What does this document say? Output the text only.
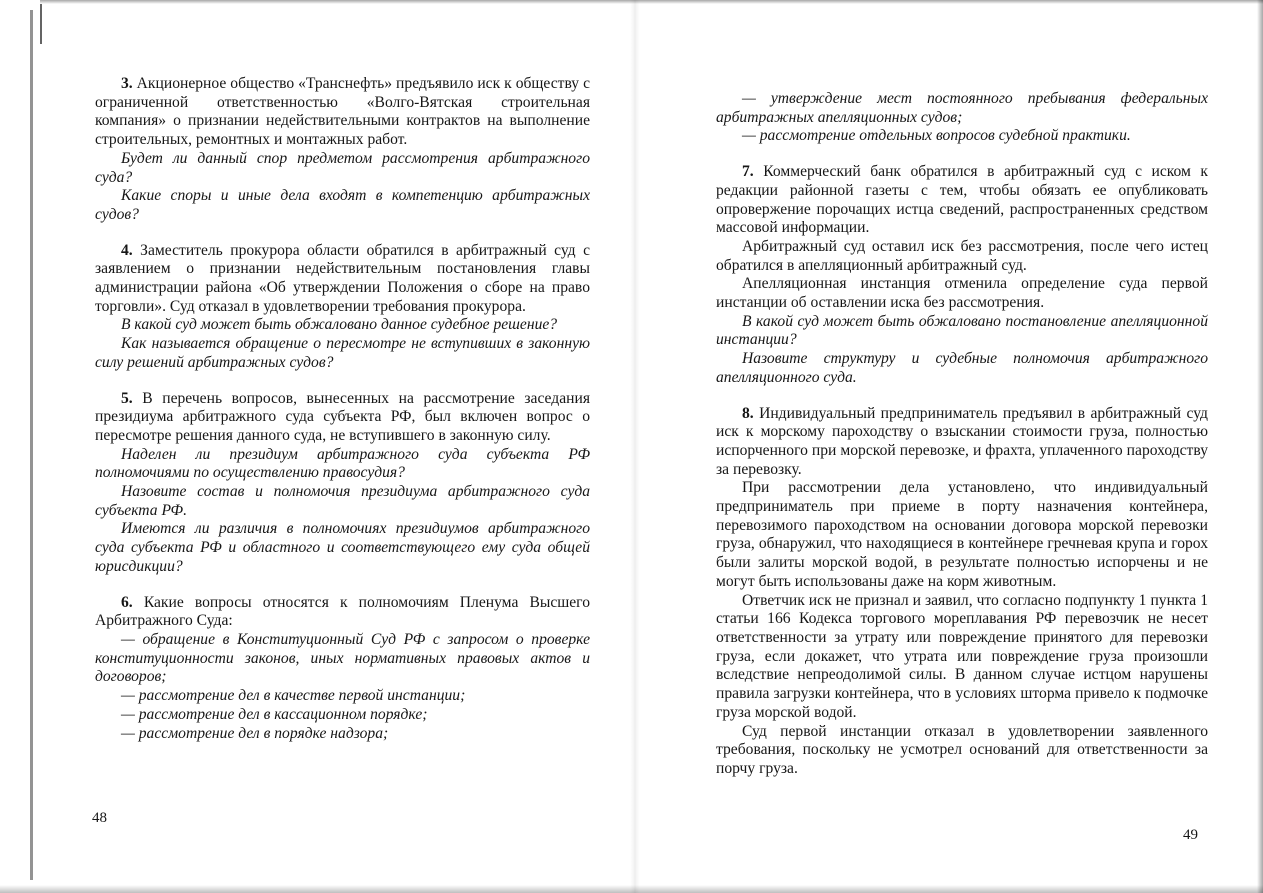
3. Акционерное общество «Транснефть» предъявило иск к обществу с ограниченной ответственностью «Волго-Вятская строительная компания» о признании недействительными контрактов на выполнение строительных, ремонтных и монтажных работ.

Будет ли данный спор предметом рассмотрения арбитражного суда?

Какие споры и иные дела входят в компетенцию арбитражных судов?

4. Заместитель прокурора области обратился в арбитражный суд с заявлением о признании недействительным постановления главы администрации района «Об утверждении Положения о сборе на право торговли». Суд отказал в удовлетворении требования прокурора.

В какой суд может быть обжаловано данное судебное решение?

Как называется обращение о пересмотре не вступивших в законную силу решений арбитражных судов?

5. В перечень вопросов, вынесенных на рассмотрение заседания президиума арбитражного суда субъекта РФ, был включен вопрос о пересмотре решения данного суда, не вступившего в законную силу.

Наделен ли президиум арбитражного суда субъекта РФ полномочиями по осуществлению правосудия?

Назовите состав и полномочия президиума арбитражного суда субъекта РФ.

Имеются ли различия в полномочиях президиумов арбитражного суда субъекта РФ и областного и соответствующего ему суда общей юрисдикции?

6. Какие вопросы относятся к полномочиям Пленума Высшего Арбитражного Суда:

— обращение в Конституционный Суд РФ с запросом о проверке конституционности законов, иных нормативных правовых актов и договоров;

— рассмотрение дел в качестве первой инстанции;

— рассмотрение дел в кассационном порядке;

— рассмотрение дел в порядке надзора;

48

— утверждение мест постоянного пребывания федеральных арбитражных апелляционных судов;

— рассмотрение отдельных вопросов судебной практики.

7. Коммерческий банк обратился в арбитражный суд с иском к редакции районной газеты с тем, чтобы обязать ее опубликовать опровержение порочащих истца сведений, распространенных средством массовой информации.

Арбитражный суд оставил иск без рассмотрения, после чего истец обратился в апелляционный арбитражный суд.

Апелляционная инстанция отменила определение суда первой инстанции об оставлении иска без рассмотрения.

В какой суд может быть обжаловано постановление апелляционной инстанции?

Назовите структуру и судебные полномочия арбитражного апелляционного суда.

8. Индивидуальный предприниматель предъявил в арбитражный суд иск к морскому пароходству о взыскании стоимости груза, полностью испорченного при морской перевозке, и фрахта, уплаченного пароходству за перевозку.

При рассмотрении дела установлено, что индивидуальный предприниматель при приеме в порту назначения контейнера, перевозимого пароходством на основании договора морской перевозки груза, обнаружил, что находящиеся в контейнере гречневая крупа и горох были залиты морской водой, в результате полностью испорчены и не могут быть использованы даже на корм животным.

Ответчик иск не признал и заявил, что согласно подпункту 1 пункта 1 статьи 166 Кодекса торгового мореплавания РФ перевозчик не несет ответственности за утрату или повреждение принятого для перевозки груза, если докажет, что утрата или повреждение груза произошли вследствие непреодолимой силы. В данном случае истцом нарушены правила загрузки контейнера, что в условиях шторма привело к подмочке груза морской водой.

Суд первой инстанции отказал в удовлетворении заявленного требования, поскольку не усмотрел оснований для ответственности за порчу груза.

49
